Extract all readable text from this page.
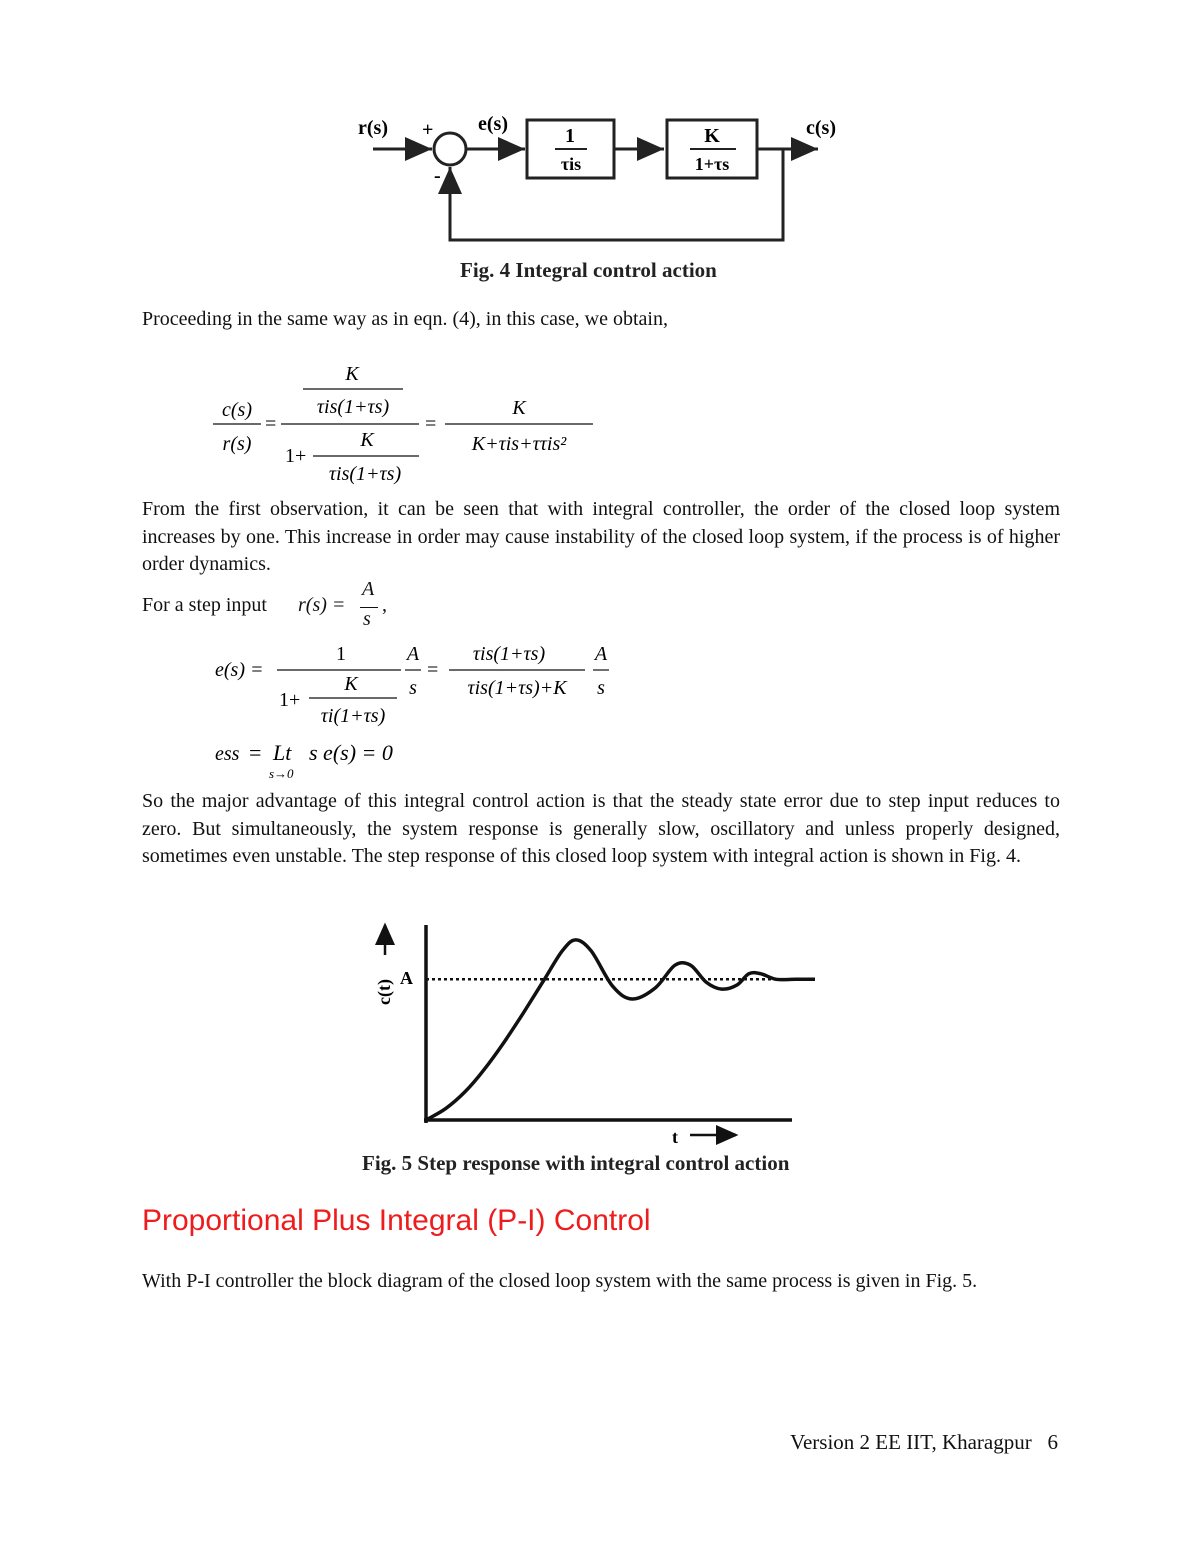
r(s) +
-
e(s)
1
τis
K
1+τs
c(s)
Fig. 4 Integral control action

Proceeding in the same way as in eqn. (4), in this case, we obtain,

c(s)
r(s)
=
K
τis(1+τs)
1+
K
τis(1+τs)
=
K
K+τis+ττis²

From the first observation, it can be seen that with integral controller, the order of the closed loop system increases by one. This increase in order may cause instability of the closed loop system, if the process is of higher order dynamics.

For a step input r(s) =
A
s
,
e(s) =
1
1+
K
τi(1+τs)
A
s
=
τis(1+τs)
τis(1+τs)+K
A
s
ess = Lt
s→0
s e(s) = 0

So the major advantage of this integral control action is that the steady state error due to step input reduces to zero. But simultaneously, the system response is generally slow, oscillatory and unless properly designed, sometimes even unstable. The step response of this closed loop system with integral action is shown in Fig. 4.

c(t)
A
t
Fig. 5 Step response with integral control action
Proportional Plus Integral (P-I) Control

With P-I controller the block diagram of the closed loop system with the same process is given in Fig. 5.

Version 2 EE IIT, Kharagpur   6
